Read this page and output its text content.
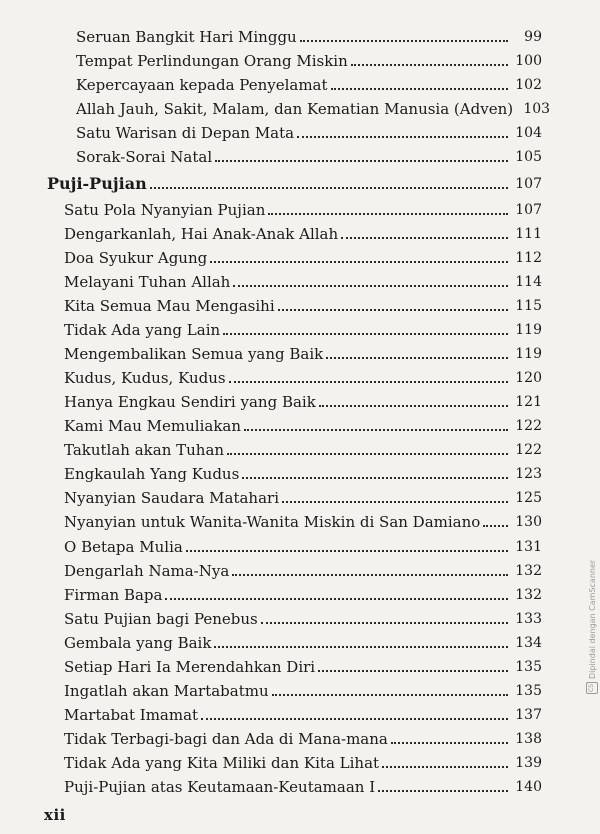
Seruan Bangkit Hari Minggu	99
Tempat Perlindungan Orang Miskin	100
Kepercayaan kepada Penyelamat	102
Allah Jauh, Sakit, Malam, dan Kematian Manusia (Adven) 103
Satu Warisan di Depan Mata	104
Sorak-Sorai Natal	105
Puji-Pujian	107
Satu Pola Nyanyian Pujian	107
Dengarkanlah, Hai Anak-Anak Allah	111
Doa Syukur Agung	112
Melayani Tuhan Allah	114
Kita Semua Mau Mengasihi	115
Tidak Ada yang Lain	119
Mengembalikan Semua yang Baik	119
Kudus, Kudus, Kudus	120
Hanya Engkau Sendiri yang Baik	121
Kami Mau Memuliakan	122
Takutlah akan Tuhan	122
Engkaulah Yang Kudus	123
Nyanyian Saudara Matahari	125
Nyanyian untuk Wanita-Wanita Miskin di San Damiano 130
O Betapa Mulia	131
Dengarlah Nama-Nya	132
Firman Bapa	132
Satu Pujian bagi Penebus	133
Gembala yang Baik	134
Setiap Hari Ia Merendahkan Diri	135
Ingatlah akan Martabatmu	135
Martabat Imamat	137
Tidak Terbagi-bagi dan Ada di Mana-mana	138
Tidak Ada yang Kita Miliki dan Kita Lihat	139
Puji-Pujian atas Keutamaan-Keutamaan I	140
xii
CS
Dipindai dengan CamScanner
